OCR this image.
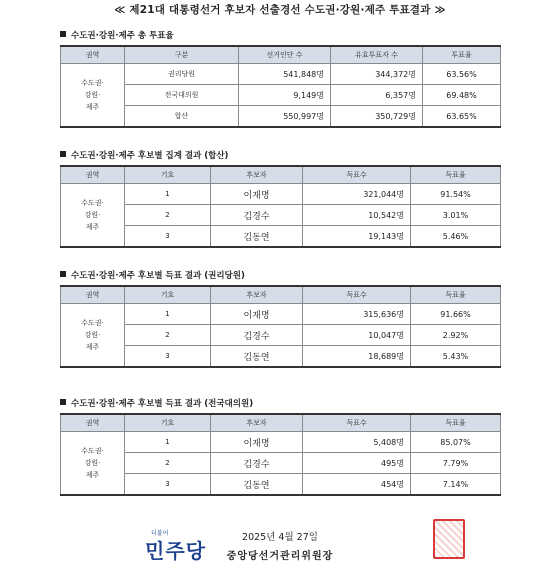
≪ 제21대 대통령선거 후보자 선출경선 수도권·강원·제주 투표결과 ≫
수도권·강원·제주 총 투표율
권역	구분	선거인단 수	유효투표자 수	투표율
수도권·
강원·
제주	권리당원	541,848명	344,372명	63.56%
	전국대의원	9,149명	6,357명	69.48%
	합산	550,997명	350,729명	63.65%
수도권·강원·제주 후보별 집계 결과 (합산)
권역	기호	후보자	득표수	득표율
수도권·
강원·
제주	1	이재명	321,044명	91.54%
	2	김경수	10,542명	3.01%
	3	김동연	19,143명	5.46%
수도권·강원·제주 후보별 득표 결과 (권리당원)
권역	기호	후보자	득표수	득표율
수도권·
강원·
제주	1	이재명	315,636명	91.66%
	2	김경수	10,047명	2.92%
	3	김동연	18,689명	5.43%
수도권·강원·제주 후보별 득표 결과 (전국대의원)
권역	기호	후보자	득표수	득표율
수도권·
강원·
제주	1	이재명	5,408명	85.07%
	2	김경수	495명	7.79%
	3	김동연	454명	7.14%
더불어
민주당
2025년 4월 27일
중앙당선거관리위원장
